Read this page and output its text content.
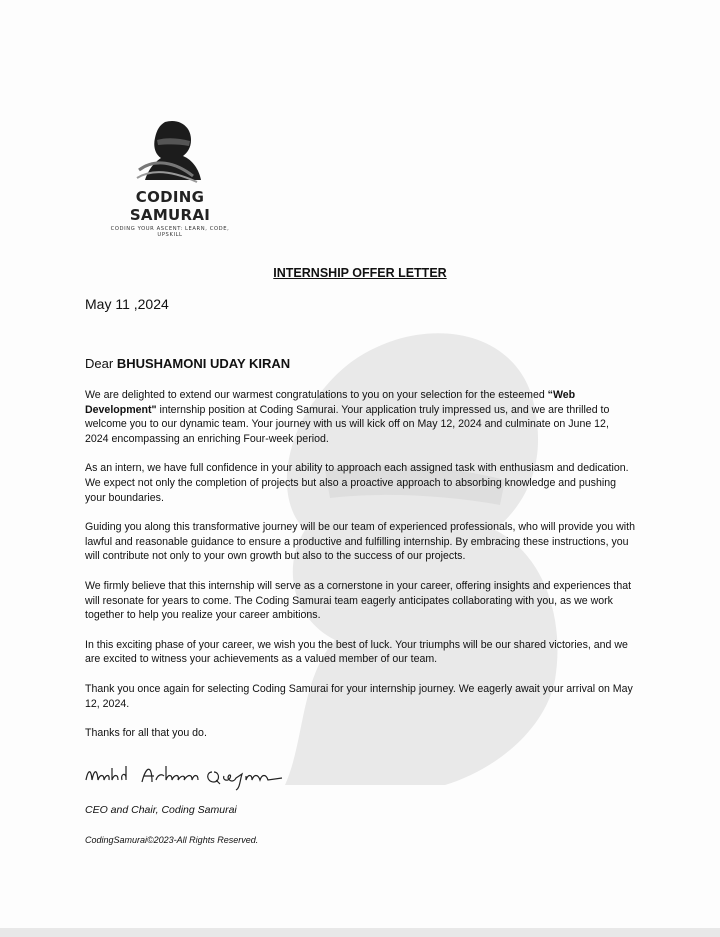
CODING SAMURAI
CODING YOUR ASCENT: LEARN, CODE, UPSKILL
INTERNSHIP OFFER LETTER
May 11 ,2024
Dear BHUSHAMONI UDAY KIRAN

We are delighted to extend our warmest congratulations to you on your selection for the esteemed “Web Development" internship position at Coding Samurai. Your application truly impressed us, and we are thrilled to welcome you to our dynamic team. Your journey with us will kick off on May 12, 2024 and culminate on June 12, 2024 encompassing an enriching Four-week period.

As an intern, we have full confidence in your ability to approach each assigned task with enthusiasm and dedication. We expect not only the completion of projects but also a proactive approach to absorbing knowledge and pushing your boundaries.

Guiding you along this transformative journey will be our team of experienced professionals, who will provide you with lawful and reasonable guidance to ensure a productive and fulfilling internship. By embracing these instructions, you will contribute not only to your own growth but also to the success of our projects.

We firmly believe that this internship will serve as a cornerstone in your career, offering insights and experiences that will resonate for years to come. The Coding Samurai team eagerly anticipates collaborating with you, as we work together to help you realize your career ambitions.

In this exciting phase of your career, we wish you the best of luck. Your triumphs will be our shared victories, and we are excited to witness your achievements as a valued member of our team.

Thank you once again for selecting Coding Samurai for your internship journey. We eagerly await your arrival on May 12, 2024.

Thanks for all that you do.

CEO and Chair, Coding Samurai
CodingSamurai©2023-All Rights Reserved.
